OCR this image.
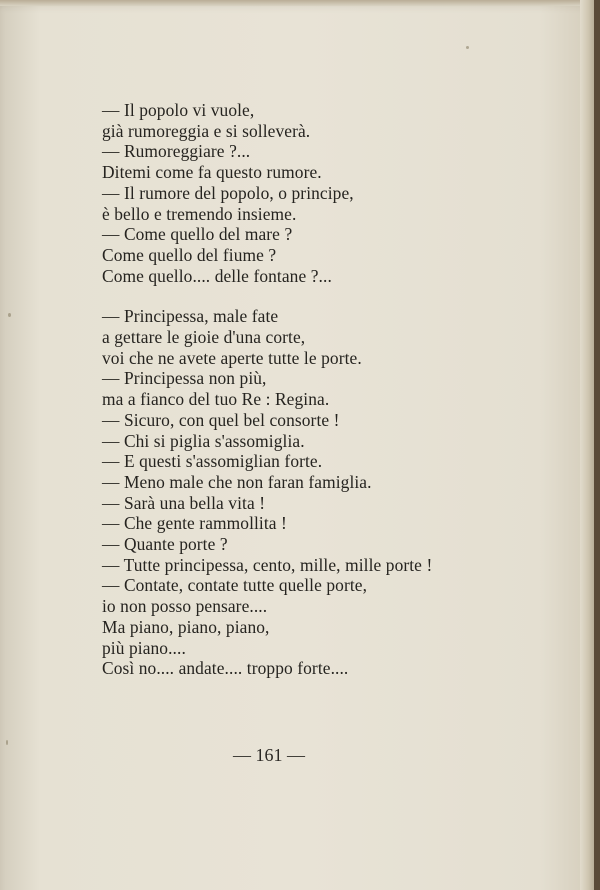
— Il popolo vi vuole,
già rumoreggia e si solleverà.
— Rumoreggiare ?...
Ditemi come fa questo rumore.
— Il rumore del popolo, o principe,
è bello e tremendo insieme.
— Come quello del mare ?
Come quello del fiume ?
Come quello.... delle fontane ?...
— Principessa, male fate
a gettare le gioie d'una corte,
voi che ne avete aperte tutte le porte.
— Principessa non più,
ma a fianco del tuo Re : Regina.
— Sicuro, con quel bel consorte !
— Chi si piglia s'assomiglia.
— E questi s'assomiglian forte.
— Meno male che non faran famiglia.
— Sarà una bella vita !
— Che gente rammollita !
— Quante porte ?
— Tutte principessa, cento, mille, mille porte !
— Contate, contate tutte quelle porte,
io non posso pensare....
Ma piano, piano, piano,
più piano....
Così no.... andate.... troppo forte....
— 161 —
